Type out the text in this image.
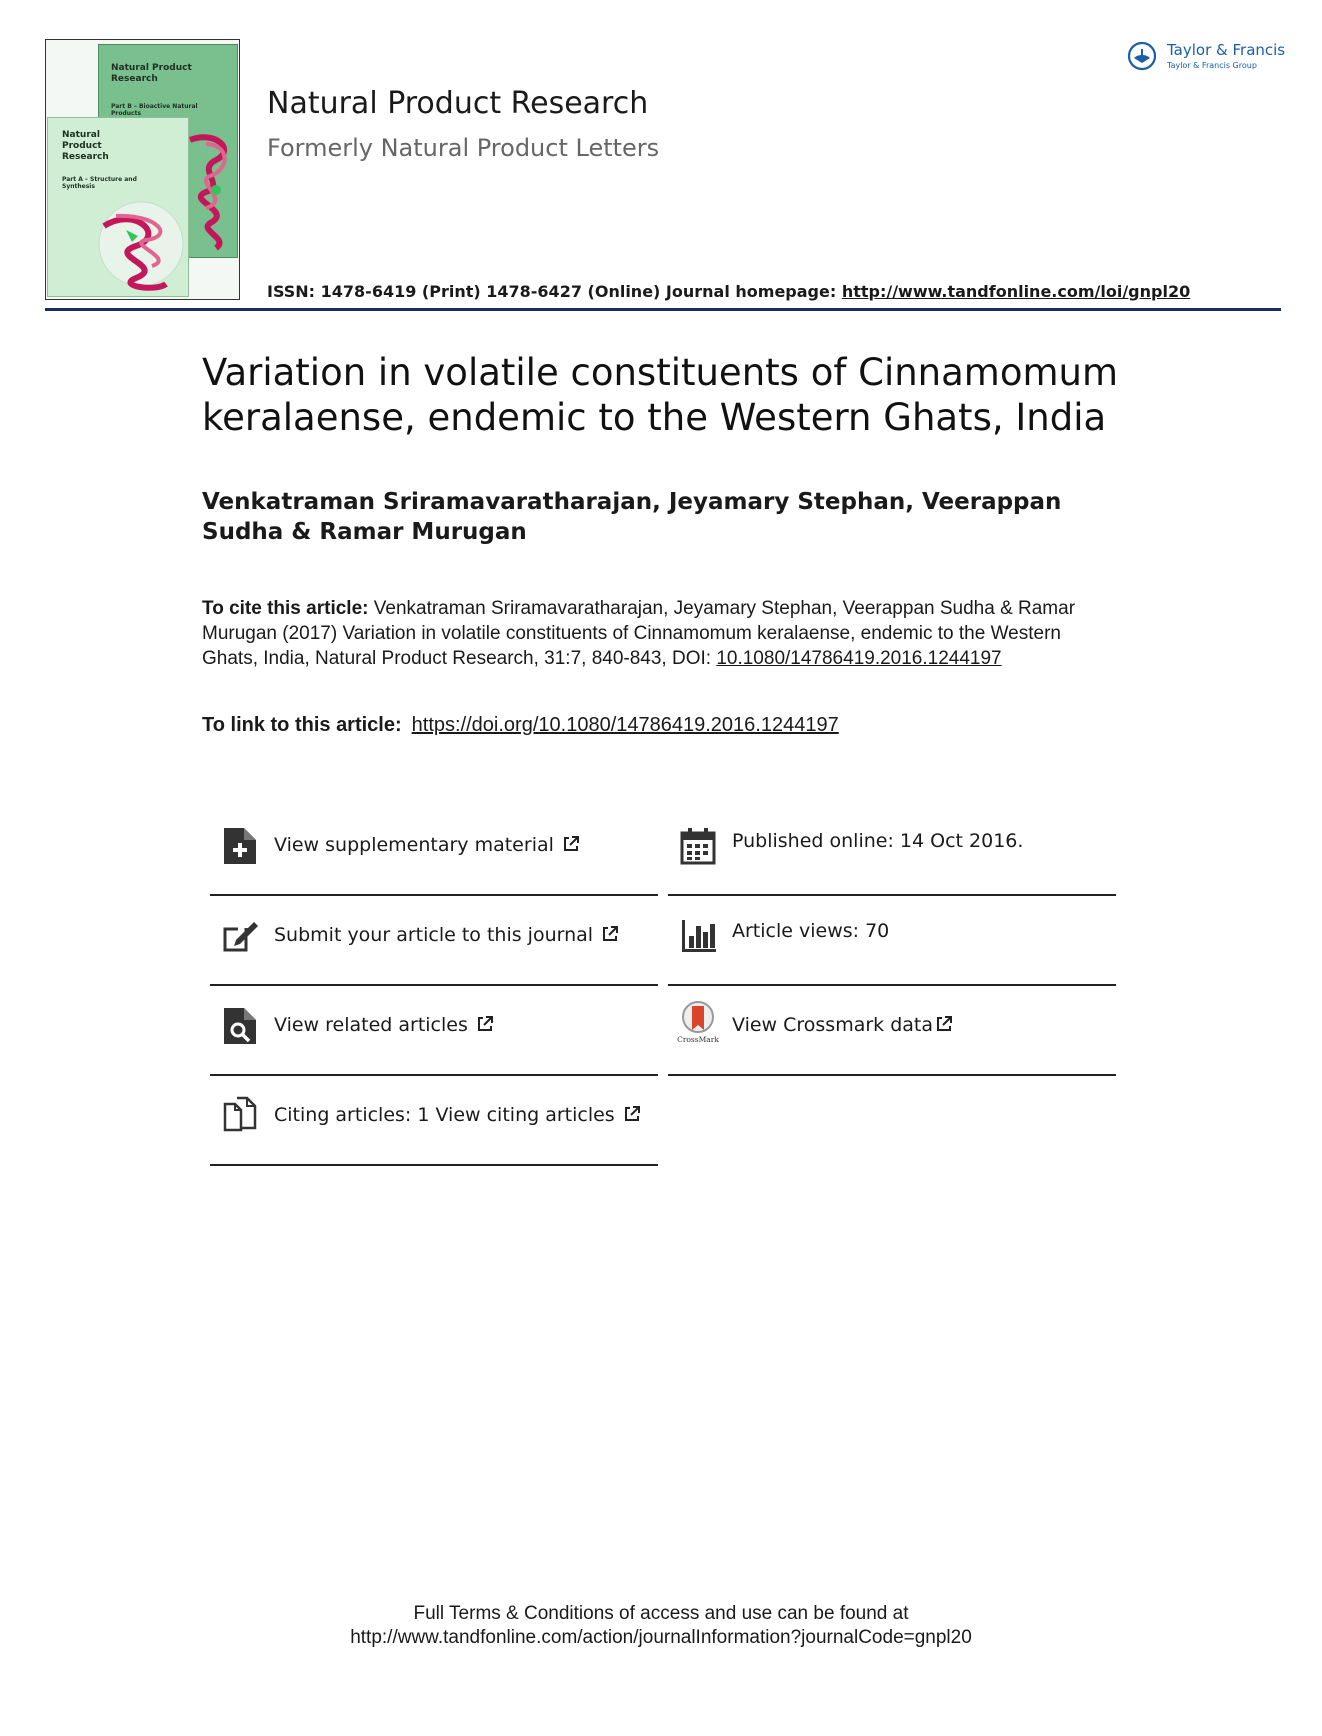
Natural Product Research
Part B – Bioactive Natural Products
Natural Product Research
Part A – Structure and Synthesis
Natural Product Research
Formerly Natural Product Letters
ISSN: 1478-6419 (Print) 1478-6427 (Online) Journal homepage: http://www.tandfonline.com/loi/gnpl20
Taylor & Francis
Taylor & Francis Group
Variation in volatile constituents of Cinnamomum keralaense, endemic to the Western Ghats, India
Venkatraman Sriramavaratharajan, Jeyamary Stephan, Veerappan Sudha & Ramar Murugan
To cite this article: Venkatraman Sriramavaratharajan, Jeyamary Stephan, Veerappan Sudha & Ramar Murugan (2017) Variation in volatile constituents of Cinnamomum keralaense, endemic to the Western Ghats, India, Natural Product Research, 31:7, 840-843, DOI: 10.1080/14786419.2016.1244197
To link to this article: https://doi.org/10.1080/14786419.2016.1244197
View supplementary material	Published online: 14 Oct 2016.
Submit your article to this journal	Article views: 70
View related articles
CrossMark
View Crossmark data
Citing articles: 1 View citing articles
Full Terms & Conditions of access and use can be found at
http://www.tandfonline.com/action/journalInformation?journalCode=gnpl20
